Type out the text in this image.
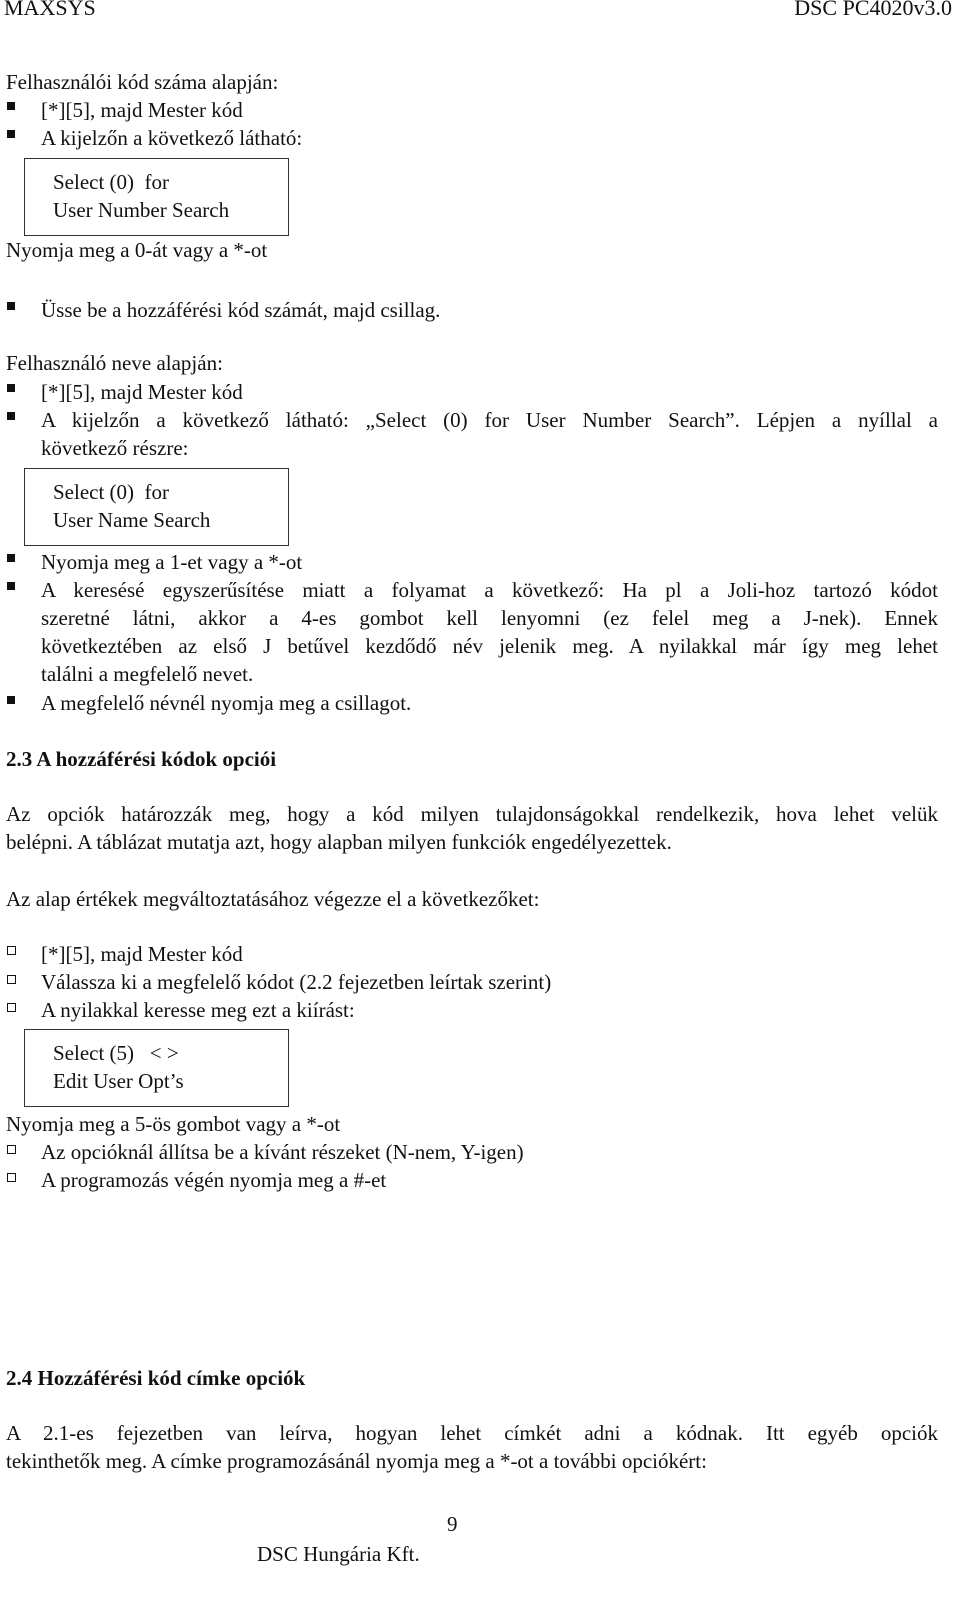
MAXSYS	DSC PC4020v3.0
Felhasználói kód száma alapján:
[*][5], majd Mester kód
A kijelzőn a következő látható:
Select (0)  for
User Number Search
Nyomja meg a 0-át vagy a *-ot
Üsse be a hozzáférési kód számát, majd csillag.
Felhasználó neve alapján:
[*][5], majd Mester kód
A kijelzőn a következő látható: „Select (0) for User Number Search”. Lépjen a nyíllal a
következő részre:
Select (0)  for
User Name Search
Nyomja meg a 1-et vagy a *-ot
A keresésé egyszerűsítése miatt a folyamat a következő: Ha pl a Joli-hoz tartozó kódot
szeretné látni, akkor a 4-es gombot kell lenyomni (ez felel meg a J-nek). Ennek
következtében az első J betűvel kezdődő név jelenik meg. A nyilakkal már így meg lehet
találni a megfelelő nevet.
A megfelelő névnél nyomja meg a csillagot.
2.3 A hozzáférési kódok opciói
Az opciók határozzák meg, hogy a kód milyen tulajdonságokkal rendelkezik, hova lehet velük
belépni. A táblázat mutatja azt, hogy alapban milyen funkciók engedélyezettek.
Az alap értékek megváltoztatásához végezze el a következőket:
[*][5], majd Mester kód
Válassza ki a megfelelő kódot (2.2 fejezetben leírtak szerint)
A nyilakkal keresse meg ezt a kiírást:
Select (5)   < >
Edit User Opt’s
Nyomja meg a 5-ös gombot vagy a *-ot
Az opcióknál állítsa be a kívánt részeket (N-nem, Y-igen)
A programozás végén nyomja meg a #-et
2.4 Hozzáférési kód címke opciók
A 2.1-es fejezetben van leírva, hogyan lehet címkét adni a kódnak. Itt egyéb opciók
tekinthetők meg. A címke programozásánál nyomja meg a *-ot a további opciókért:
9
DSC Hungária Kft.
